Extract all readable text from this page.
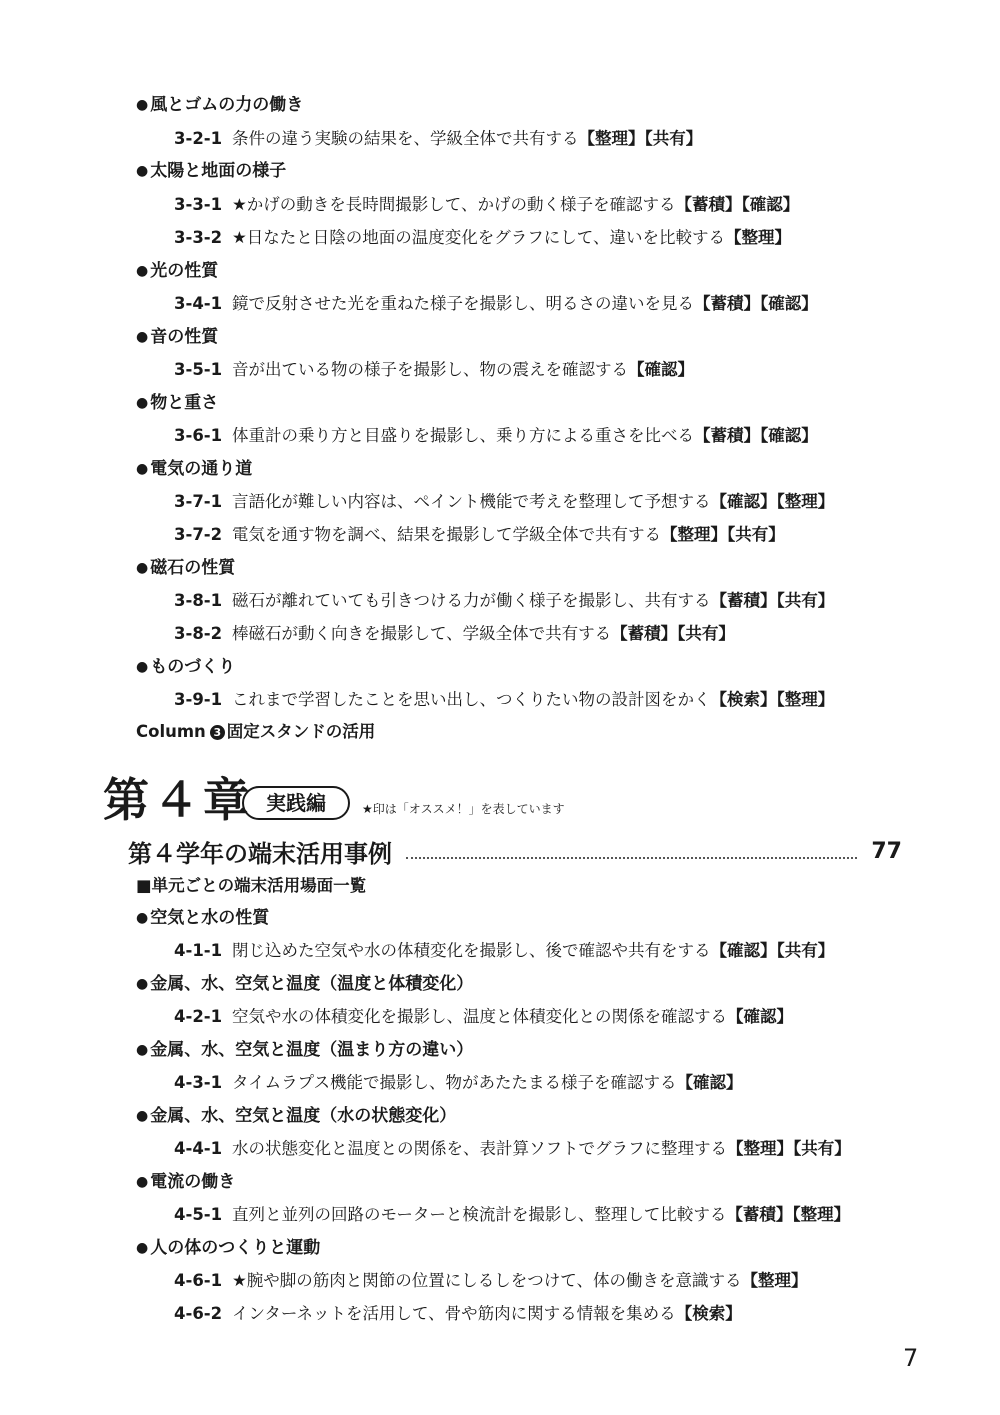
● 風とゴムの力の働き
3-2-1 条件の違う実験の結果を、学級全体で共有する【整理】【共有】
● 太陽と地面の様子
3-3-1 ★かげの動きを長時間撮影して、かげの動く様子を確認する【蓄積】【確認】
3-3-2 ★日なたと日陰の地面の温度変化をグラフにして、違いを比較する【整理】
● 光の性質
3-4-1 鏡で反射させた光を重ねた様子を撮影し、明るさの違いを見る【蓄積】【確認】
● 音の性質
3-5-1 音が出ている物の様子を撮影し、物の震えを確認する【確認】
● 物と重さ
3-6-1 体重計の乗り方と目盛りを撮影し、乗り方による重さを比べる【蓄積】【確認】
● 電気の通り道
3-7-1 言語化が難しい内容は、ペイント機能で考えを整理して予想する【確認】【整理】
3-7-2 電気を通す物を調べ、結果を撮影して学級全体で共有する【整理】【共有】
● 磁石の性質
3-8-1 磁石が離れていても引きつける力が働く様子を撮影し、共有する【蓄積】【共有】
3-8-2 棒磁石が動く向きを撮影して、学級全体で共有する【蓄積】【共有】
● ものづくり
3-9-1 これまで学習したことを思い出し、つくりたい物の設計図をかく【検索】【整理】
Column 3 固定スタンドの活用
第４章 実践編	★印は「オススメ！」を表しています
第４学年の端末活用事例	77
■単元ごとの端末活用場面一覧
● 空気と水の性質
4-1-1 閉じ込めた空気や水の体積変化を撮影し、後で確認や共有をする【確認】【共有】
● 金属、水、空気と温度（温度と体積変化）
4-2-1 空気や水の体積変化を撮影し、温度と体積変化との関係を確認する【確認】
● 金属、水、空気と温度（温まり方の違い）
4-3-1 タイムラプス機能で撮影し、物があたたまる様子を確認する【確認】
● 金属、水、空気と温度（水の状態変化）
4-4-1 水の状態変化と温度との関係を、表計算ソフトでグラフに整理する【整理】【共有】
● 電流の働き
4-5-1 直列と並列の回路のモーターと検流計を撮影し、整理して比較する【蓄積】【整理】
● 人の体のつくりと運動
4-6-1 ★腕や脚の筋肉と関節の位置にしるしをつけて、体の働きを意識する【整理】
4-6-2 インターネットを活用して、骨や筋肉に関する情報を集める【検索】
7
